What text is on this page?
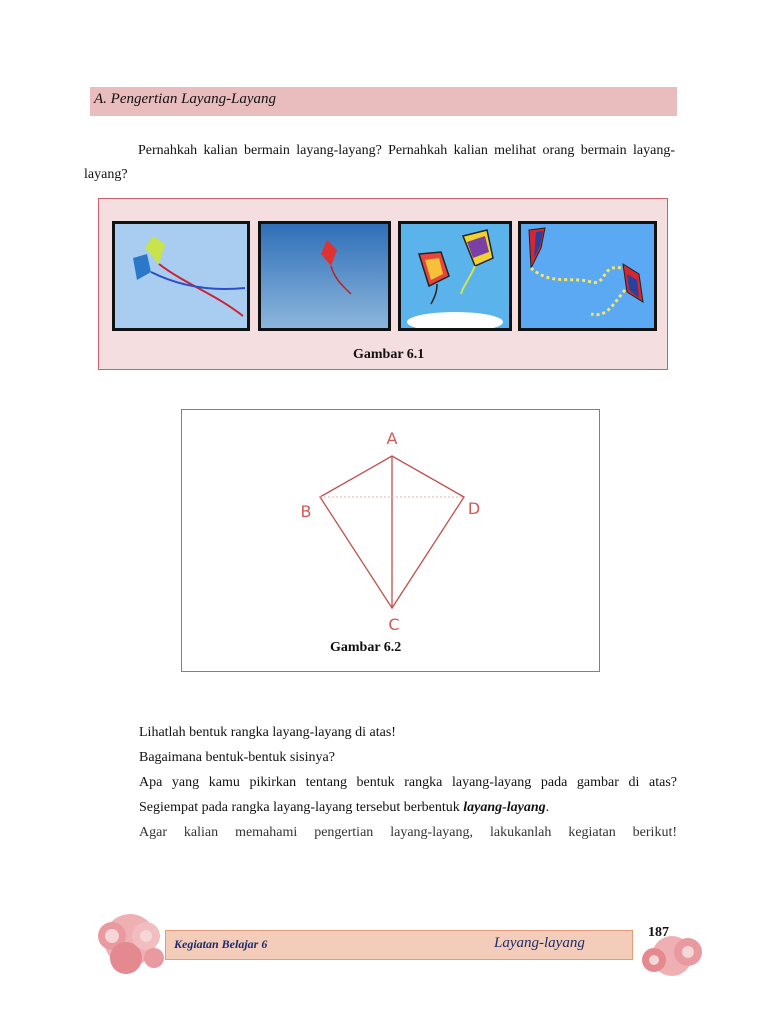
A. Pengertian Layang-Layang
Pernahkah kalian bermain layang-layang? Pernahkah kalian melihat orang bermain layang-layang?
Gambar 6.1
A
B	D
C
Gambar 6.2
Lihatlah bentuk rangka layang-layang di atas!
Bagaimana bentuk-bentuk sisinya?
Apa yang kamu pikirkan tentang bentuk rangka layang-layang pada gambar di atas?
Segiempat pada rangka layang-layang tersebut berbentuk layang-layang.
Agar kalian memahami pengertian layang-layang, lakukanlah kegiatan berikut!
Kegiatan Belajar 6	Layang-layang
187
